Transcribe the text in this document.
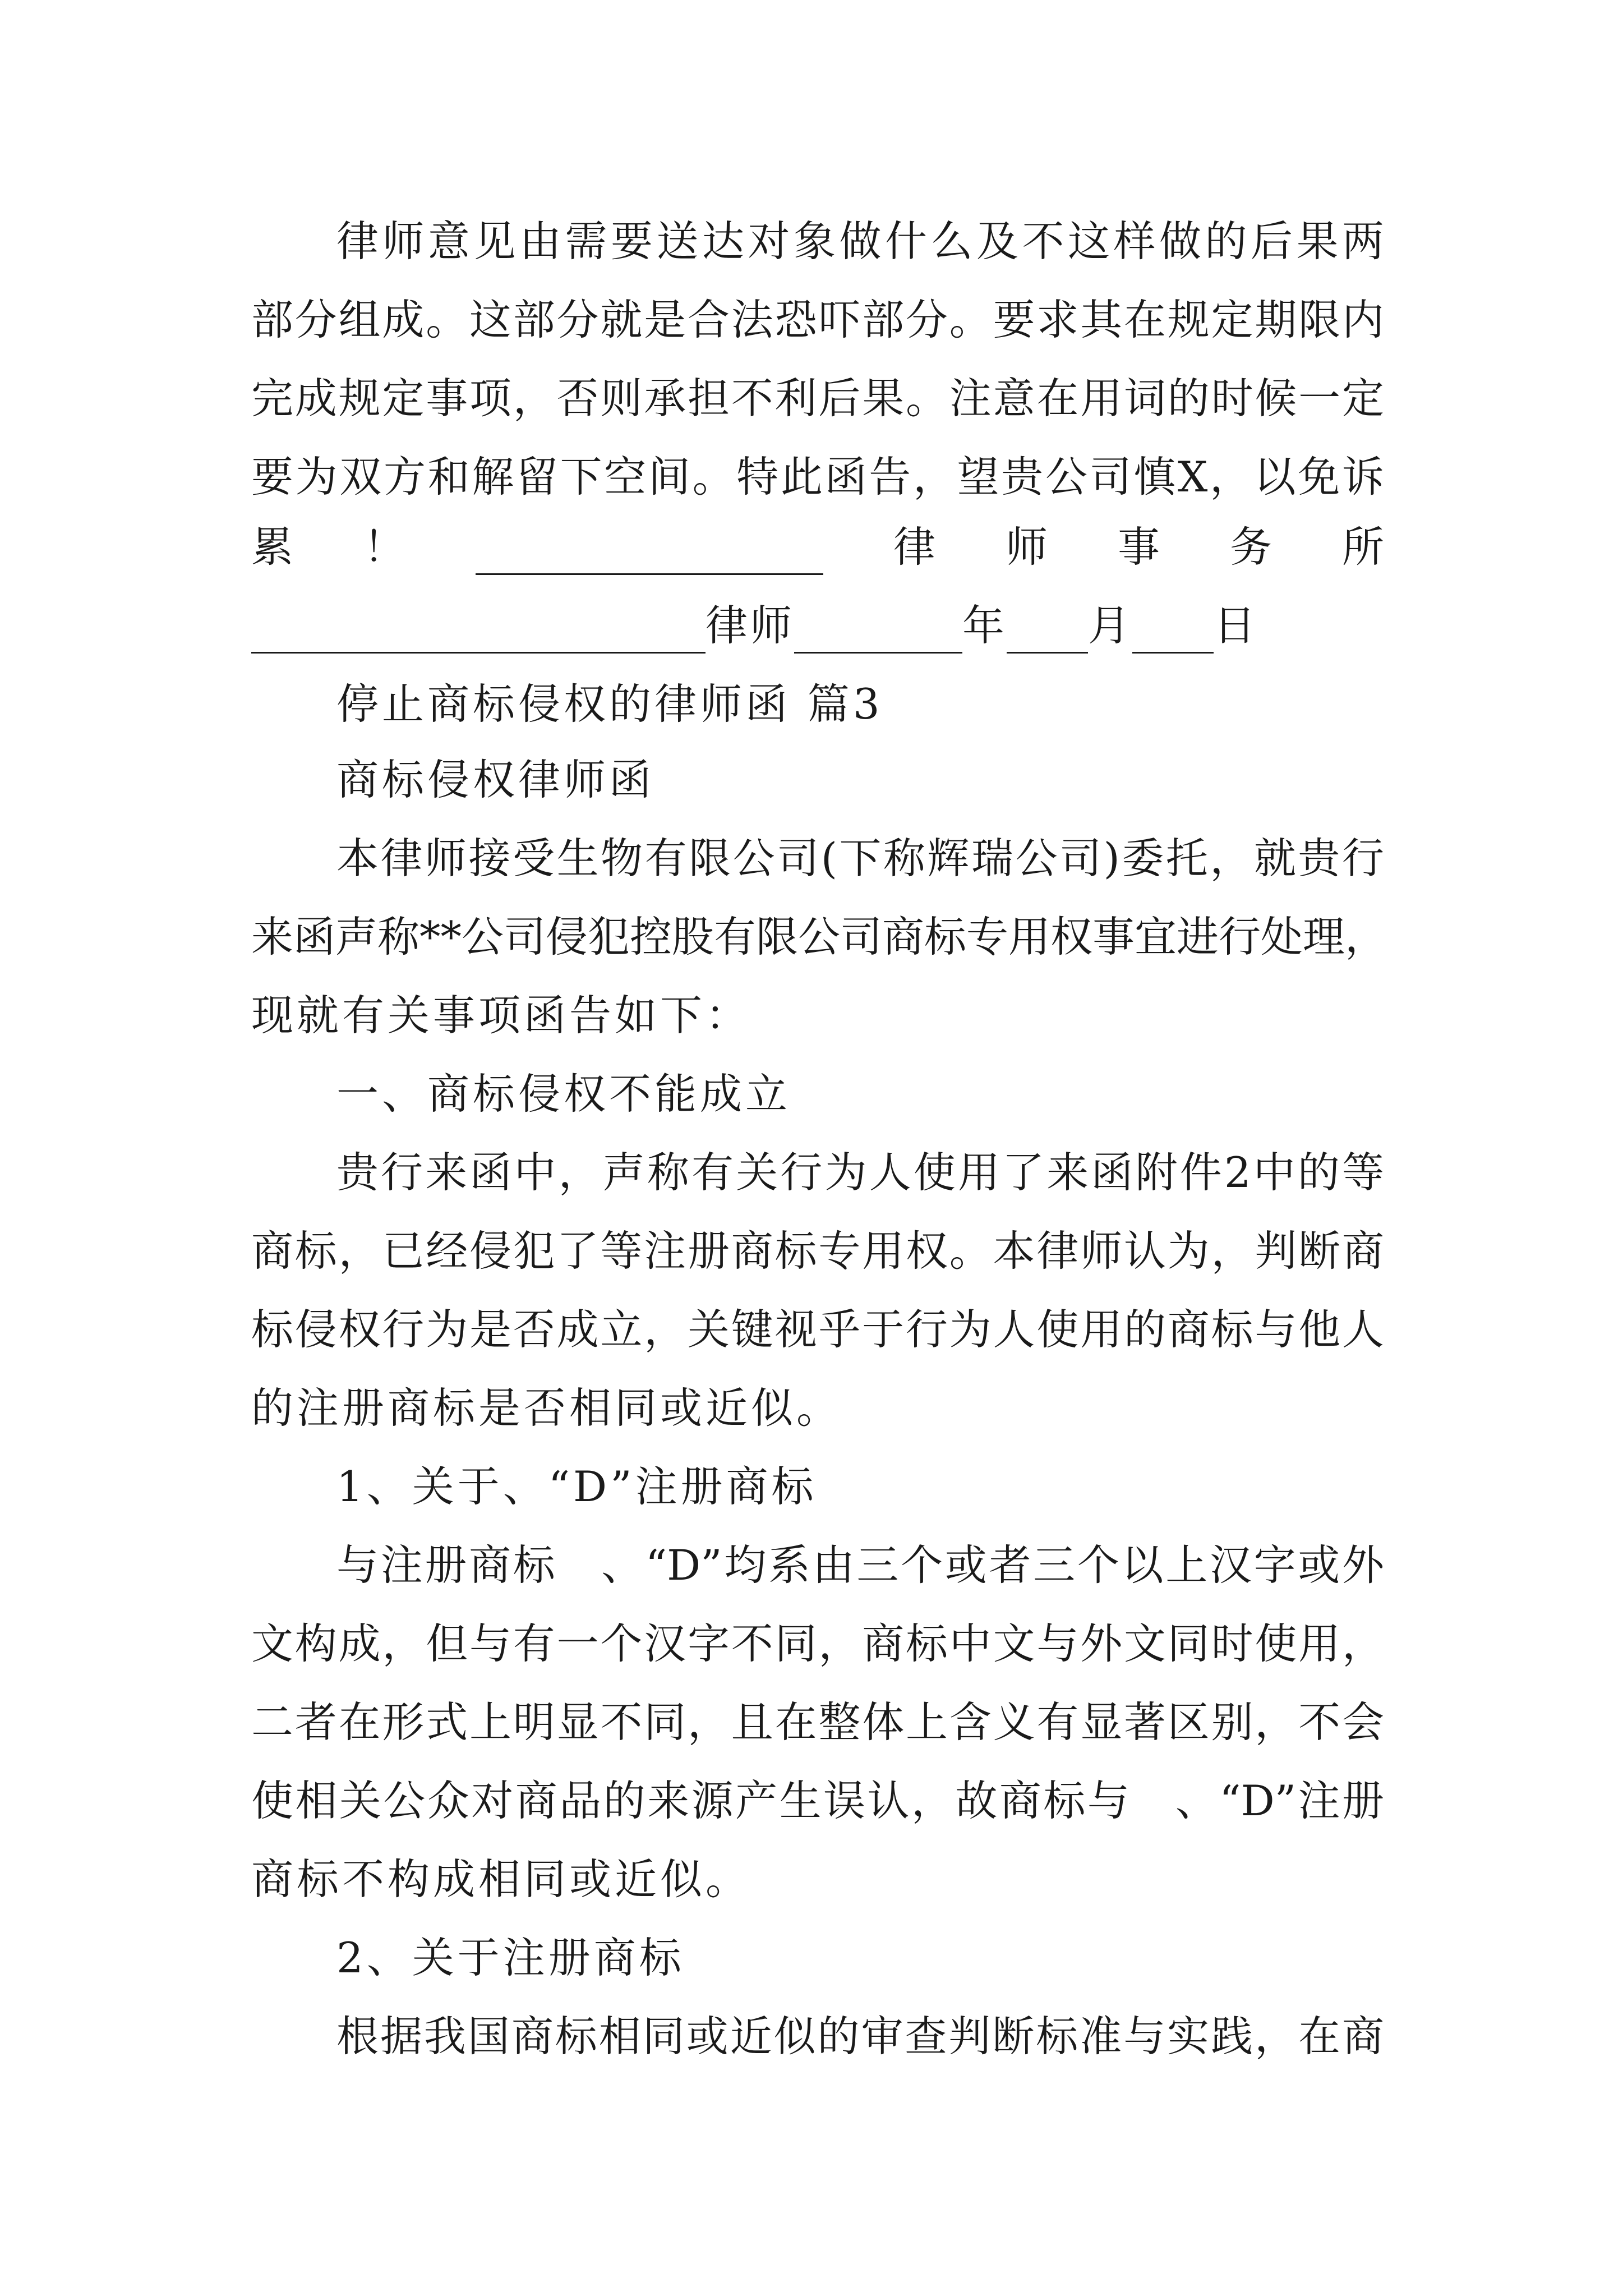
律师意见由需要送达对象做什么及不这样做的后果两
部分组成。这部分就是合法恐吓部分。要求其在规定期限内
完成规定事项，否则承担不利后果。注意在用词的时候一定
要为双方和解留下空间。特此函告，望贵公司慎X，以免诉
累 ！	律 师 事 务 所
律师	年 月 日
停止商标侵权的律师函 篇3
商标侵权律师函
本律师接受生物有限公司(下称辉瑞公司)委托，就贵行
来函声称**公司侵犯控股有限公司商标专用权事宜进行处理，
现就有关事项函告如下：
一、商标侵权不能成立
贵行来函中，声称有关行为人使用了来函附件2中的等
商标，已经侵犯了等注册商标专用权。本律师认为，判断商
标侵权行为是否成立，关键视乎于行为人使用的商标与他人
的注册商标是否相同或近似。
1、关于、“D”注册商标
与注册商标　、“D”均系由三个或者三个以上汉字或外
文构成，但与有一个汉字不同，商标中文与外文同时使用，
二者在形式上明显不同，且在整体上含义有显著区别，不会
使相关公众对商品的来源产生误认，故商标与　、“D”注册
商标不构成相同或近似。
2、关于注册商标
根据我国商标相同或近似的审查判断标准与实践，在商
